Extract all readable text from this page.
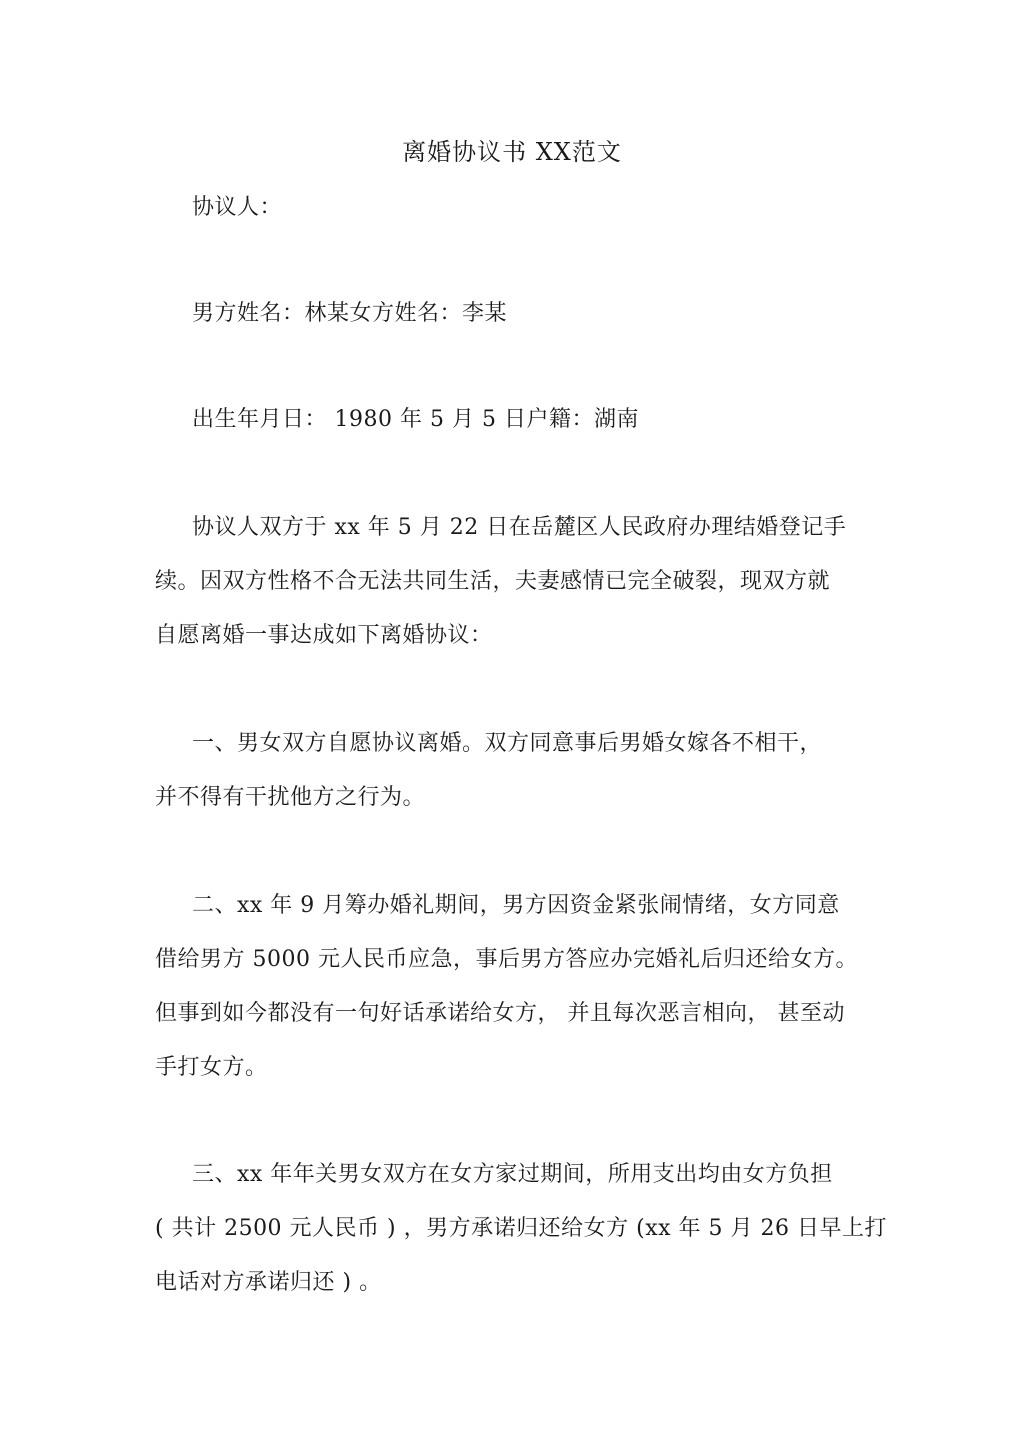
离婚协议书 XX范文
协议人：
男方姓名：林某女方姓名：李某
出生年月日： 1980 年 5 月 5 日户籍：湖南
协议人双方于 xx 年 5 月 22 日在岳麓区人民政府办理结婚登记手
续。因双方性格不合无法共同生活，夫妻感情已完全破裂，现双方就
自愿离婚一事达成如下离婚协议：
一、男女双方自愿协议离婚。双方同意事后男婚女嫁各不相干，
并不得有干扰他方之行为。
二、xx 年 9 月筹办婚礼期间，男方因资金紧张闹情绪，女方同意
借给男方 5000 元人民币应急，事后男方答应办完婚礼后归还给女方。
但事到如今都没有一句好话承诺给女方， 并且每次恶言相向， 甚至动
手打女方。
三、xx 年年关男女双方在女方家过期间，所用支出均由女方负担
( 共计 2500 元人民币 ) ，男方承诺归还给女方 (xx 年 5 月 26 日早上打
电话对方承诺归还 ) 。
